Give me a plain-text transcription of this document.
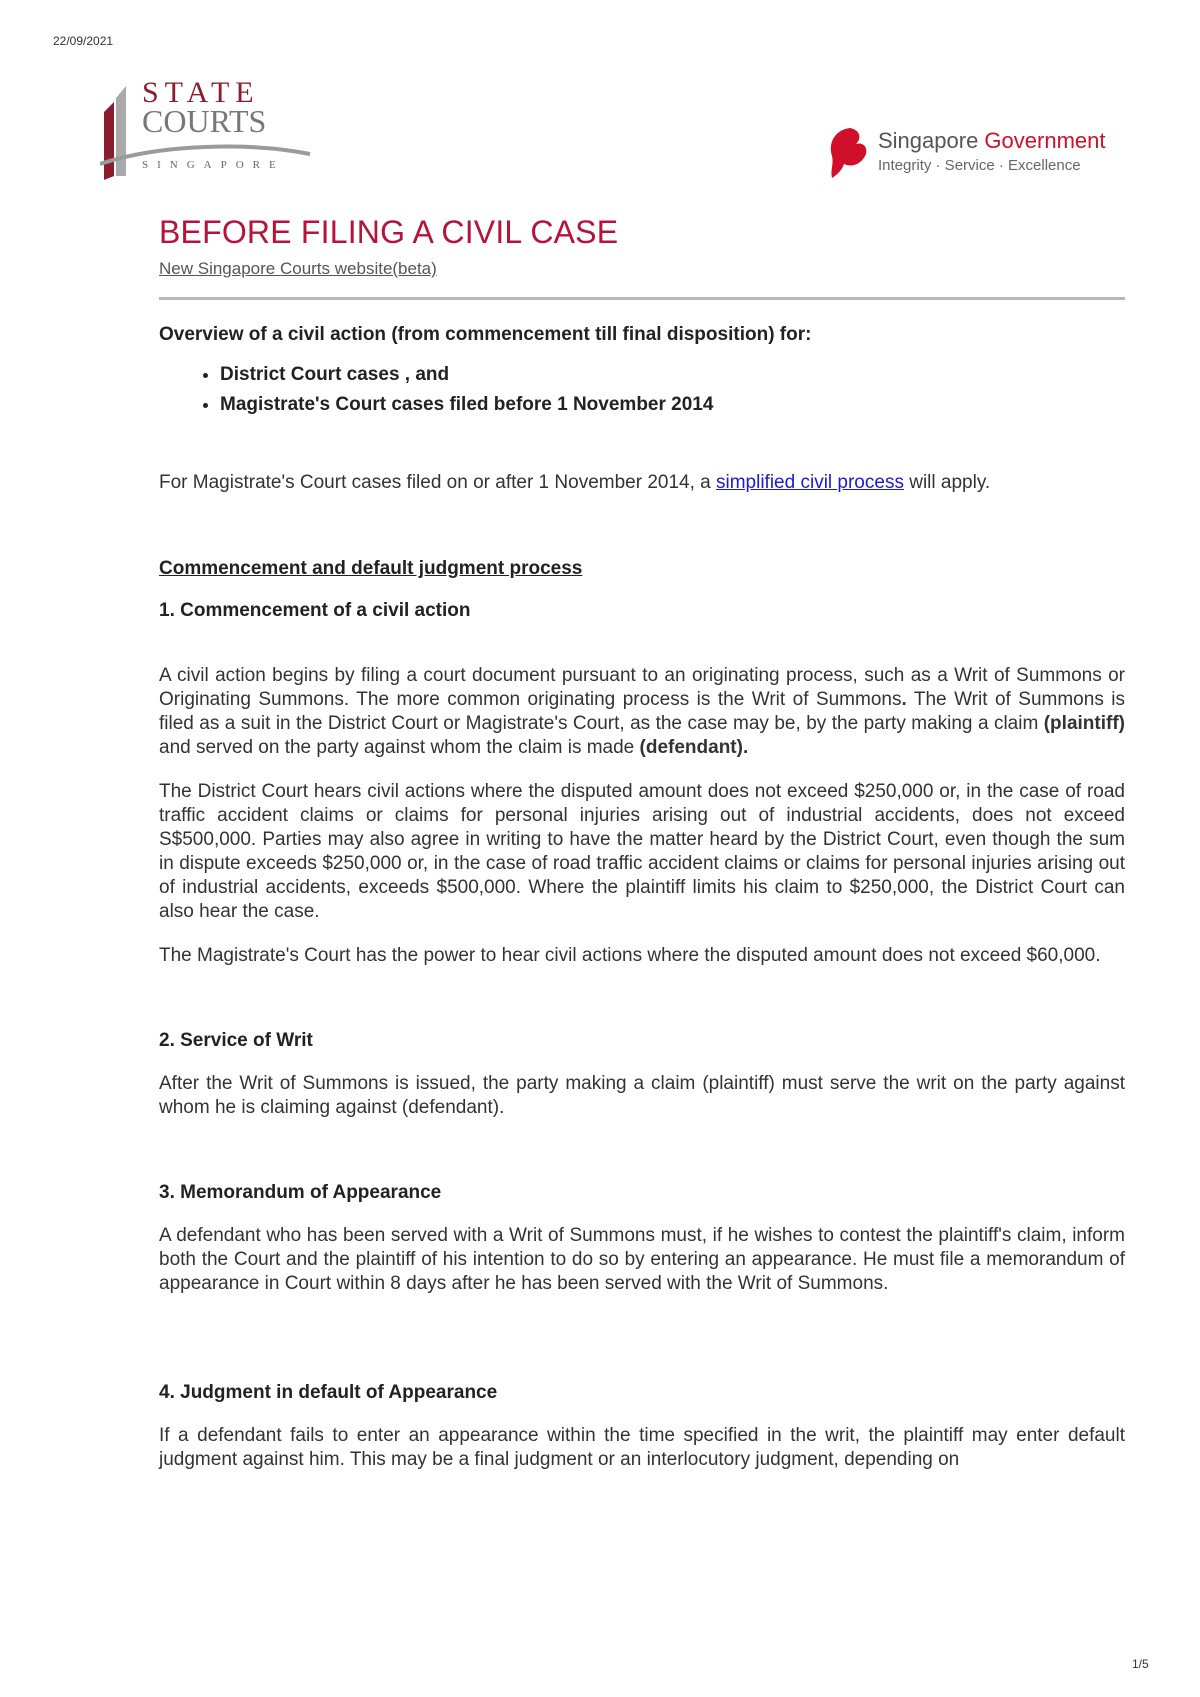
22/09/2021
STATE
COURTS
SINGAPORE
Singapore Government
Integrity · Service · Excellence
BEFORE FILING A CIVIL CASE
New Singapore Courts website(beta)
Overview of a civil action (from commencement till final disposition) for:
• District Court cases , and
• Magistrate's Court cases filed before 1 November 2014
For Magistrate's Court cases filed on or after 1 November 2014, a simplified civil process will apply.
Commencement and default judgment process
1. Commencement of a civil action

A civil action begins by filing a court document pursuant to an originating process, such as a Writ of Summons or Originating Summons. The more common originating process is the Writ of Summons. The Writ of Summons is filed as a suit in the District Court or Magistrate's Court, as the case may be, by the party making a claim (plaintiff) and served on the party against whom the claim is made (defendant).

The District Court hears civil actions where the disputed amount does not exceed $250,000 or, in the case of road traffic accident claims or claims for personal injuries arising out of industrial accidents, does not exceed S$500,000. Parties may also agree in writing to have the matter heard by the District Court, even though the sum in dispute exceeds $250,000 or, in the case of road traffic accident claims or claims for personal injuries arising out of industrial accidents, exceeds $500,000. Where the plaintiff limits his claim to $250,000, the District Court can also hear the case.

The Magistrate's Court has the power to hear civil actions where the disputed amount does not exceed $60,000.

2. Service of Writ

After the Writ of Summons is issued, the party making a claim (plaintiff) must serve the writ on the party against whom he is claiming against (defendant).

3. Memorandum of Appearance

A defendant who has been served with a Writ of Summons must, if he wishes to contest the plaintiff's claim, inform both the Court and the plaintiff of his intention to do so by entering an appearance. He must file a memorandum of appearance in Court within 8 days after he has been served with the Writ of Summons.

4. Judgment in default of Appearance

If a defendant fails to enter an appearance within the time specified in the writ, the plaintiff may enter default judgment against him. This may be a final judgment or an interlocutory judgment, depending on

1/5
